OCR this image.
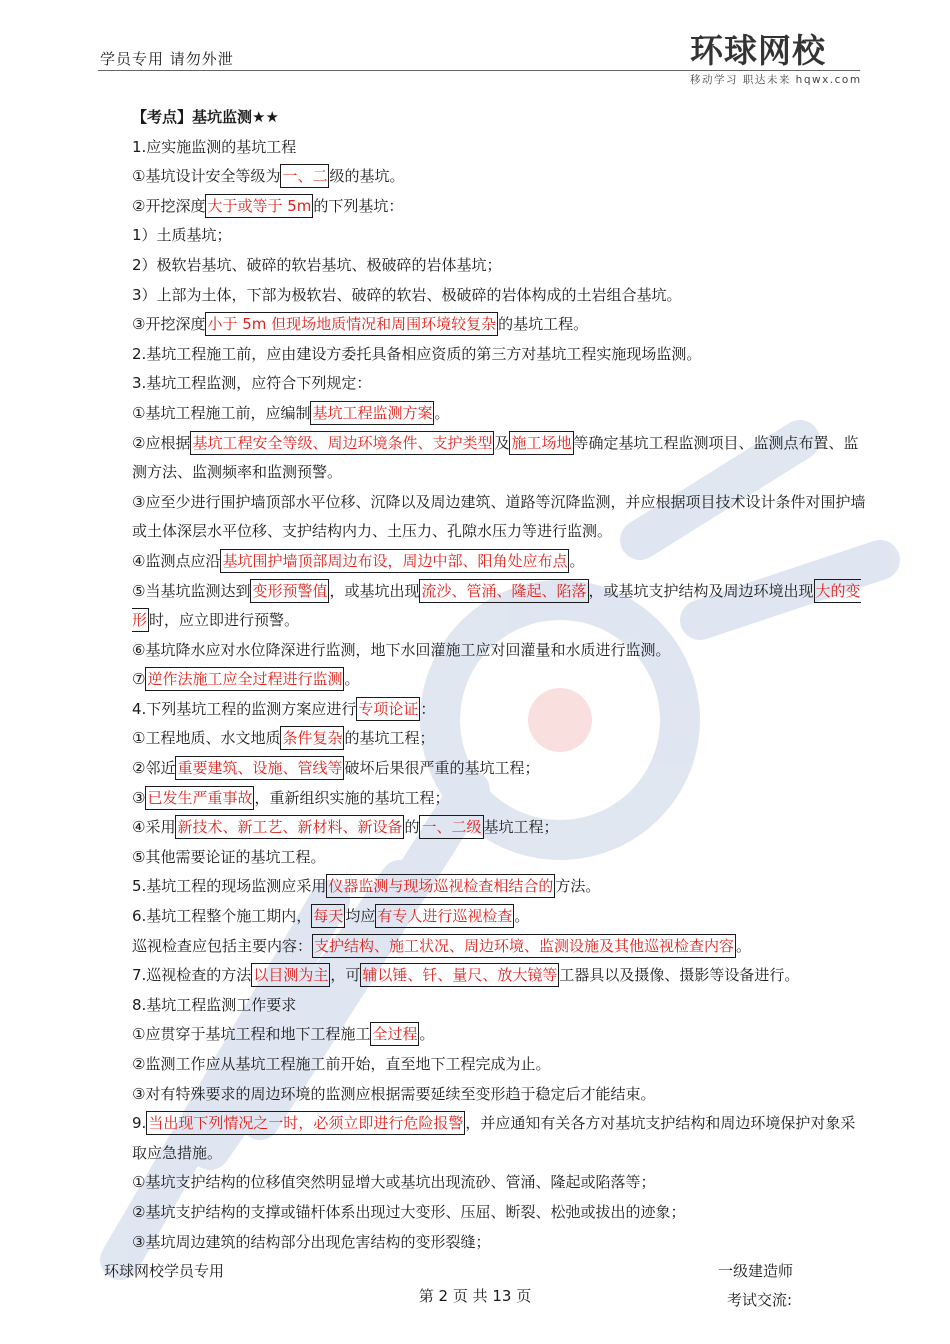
学员专用 请勿外泄	环球网校
移动学习 职达未来 hqwx.com
【考点】基坑监测★★
1.应实施监测的基坑工程
①基坑设计安全等级为 一、二 级的基坑。
②开挖深度 大于或等于 5m 的下列基坑：
1）土质基坑；
2）极软岩基坑、破碎的软岩基坑、极破碎的岩体基坑；
3）上部为土体，下部为极软岩、破碎的软岩、极破碎的岩体构成的土岩组合基坑。
③开挖深度 小于 5m 但现场地质情况和周围环境较复杂 的基坑工程。
2.基坑工程施工前，应由建设方委托具备相应资质的第三方对基坑工程实施现场监测。
3.基坑工程监测，应符合下列规定：
①基坑工程施工前，应编制 基坑工程监测方案 。
②应根据 基坑工程安全等级、周边环境条件、支护类型 及 施工场地 等确定基坑工程监测项目、监测点布置、监测方法、监测频率和监测预警。
③应至少进行围护墙顶部水平位移、沉降以及周边建筑、道路等沉降监测，并应根据项目技术设计条件对围护墙或土体深层水平位移、支护结构内力、土压力、孔隙水压力等进行监测。
④监测点应沿 基坑围护墙顶部周边布设，周边中部、阳角处应布点 。
⑤当基坑监测达到 变形预警值 ，或基坑出现 流沙、管涌、隆起、陷落 ，或基坑支护结构及周边环境出现 大的变形 时，应立即进行预警。
⑥基坑降水应对水位降深进行监测，地下水回灌施工应对回灌量和水质进行监测。
⑦ 逆作法施工应全过程进行监测 。
4.下列基坑工程的监测方案应进行 专项论证 ：
①工程地质、水文地质 条件复杂 的基坑工程；
②邻近 重要建筑、设施、管线等 破坏后果很严重的基坑工程；
③ 已发生严重事故 ，重新组织实施的基坑工程；
④采用 新技术、新工艺、新材料、新设备 的 一、二级 基坑工程；
⑤其他需要论证的基坑工程。
5.基坑工程的现场监测应采用 仪器监测与现场巡视检查相结合的 方法。
6.基坑工程整个施工期内， 每天 均应 有专人进行巡视检查 。
巡视检查应包括主要内容： 支护结构、施工状况、周边环境、监测设施及其他巡视检查内容 。
7.巡视检查的方法 以目测为主 ，可 辅以锤、钎、量尺、放大镜等 工器具以及摄像、摄影等设备进行。
8.基坑工程监测工作要求
①应贯穿于基坑工程和地下工程施工 全过程 。
②监测工作应从基坑工程施工前开始，直至地下工程完成为止。
③对有特殊要求的周边环境的监测应根据需要延续至变形趋于稳定后才能结束。
9. 当出现下列情况之一时，必须立即进行危险报警 ，并应通知有关各方对基坑支护结构和周边环境保护对象采取应急措施。
①基坑支护结构的位移值突然明显增大或基坑出现流砂、管涌、隆起或陷落等；
②基坑支护结构的支撑或锚杆体系出现过大变形、压屈、断裂、松弛或拔出的迹象；
③基坑周边建筑的结构部分出现危害结构的变形裂缝；
环球网校学员专用	一级建造师
考试交流:
第 2 页 共 13 页
